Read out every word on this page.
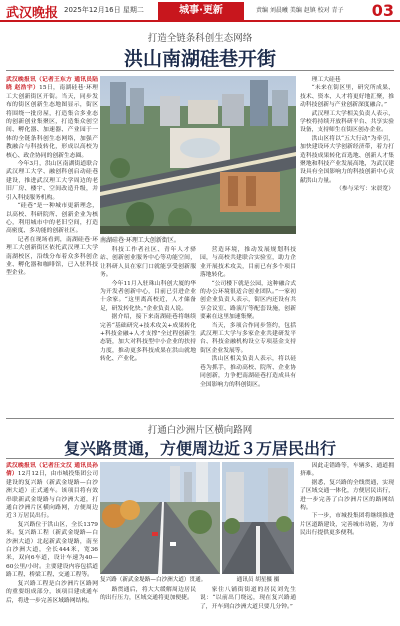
武汉晚报 2025年12月16日 星期二	城事·更新	责编 刘晨曦 美编 赵镇 校对 青子 03
打造全链条科创生态网络
洪山南湖硅巷开街
武汉晚报讯（记者王东方 通讯员陆晓 赵浩宇）15日，南湖硅巷·环理工大创新街区开街。当天，同步发布的街区创新生态地图显示，街区将围绕一批房屋，打造集合多业态的创新创业集聚区，打造集众创空间、孵化器、加速器、产业园于一体的全链条科创生态网络，加强产教融合与科技转化，形成以高校为核心、政企协同的创新生态圈。

今年3月，洪山区南湖街道联合武汉理工大学、融创科创启动硅巷建设，推进武汉理工大学周边的老旧厂房、楼宇、空间改造升级，并引入科技服务机构。

“硅巷”是一种城市更新理念，以高校、科研院所、创新企业为核心，利用城市中的老旧空间，打造高密度、多功能的创新社区。

记者在现场看到，南湖硅巷·环理工大创新街区依托武汉理工大学南湖校区，沿线分布着众多科创企业、孵化器和咖啡馆，已入驻科技型企业。

南湖硅巷·环理工大创新街区。

科技工作者社区、青年人才驿站、创新创业服务中心等功能空间，让科研人员在家门口就能享受创新服务。

今年11月入驻珠山科创大厦的华为开发者创新中心，目前已引进企业十余家。“这里离高校近，人才储备足，研发转化快。”企业负责人说。

据介绍，接下来南湖硅巷将继续完善“基础研究+技术攻关+成果转化+科技金融+人才支撑”全过程创新生态链，加大对科技型中小企业的扶持力度，推动更多科技成果在洪山就地转化、产业化。

营造环境，推动发展规划科技园，与高校共建联合实验室，助力企业开展技术攻关，目前已有多个项目落地转化。

“公司楼下就是公园，这种融合式的办公环境很适合创业团队。”一家初创企业负责人表示，街区内还设有共享会议室、路演厅等配套设施，创新要素在这里加速集聚。

当天，多项合作同步签约，包括武汉理工大学与多家企业共建研发平台、科技金融机构设立专项基金支持街区企业发展等。

洪山区相关负责人表示，将以硅巷为抓手，推动高校、院所、企业协同创新，力争把南湖硅巷打造成具有全国影响力的科创街区。

理工大硅巷

“未来在街区里，研究所成果、技术、资本、人才将更好地汇聚，推动科技创新与产业创新深度融合。”

武汉理工大学相关负责人表示，学校将持续开放科研平台、共享实验设备，支持师生在街区创办企业。

洪山区将以“五大行动”为牵引，加快建设环大学创新经济带，着力打造科技成果转化首选地、创新人才集聚地和科技产业发展高地，为武汉建设具有全国影响力的科技创新中心贡献洪山力量。

（参与采写：宋晨宽）

打通白沙洲片区横向路网
复兴路贯通，方便周边近３万居民出行
武汉晚报讯（记者汪文汉 通讯员孙倩）12月12日，由市城投集团公司建设的复兴路（新武金堤路—白沙洲大道）正式通车。该项目将有效串联新武金堤路与白沙洲大道，打通白沙洲片区横向路网，方便周边近３万居民出行。

复兴路位于洪山区，全长1379米。复兴路工程（新武金堤路—白沙洲大道）北起新武金堤路，南至白沙洲大道，全长444米，宽36米，双向6车道，设计车速为40—60公里/小时。主要建设内容包括道路工程、桥梁工程、交通工程等。

复兴路工程是白沙洲片区路网的重要组成部分，该项目建成通车后，将进一步完善区域路网结构。

复兴路（新武金堤路—白沙洲大道）贯通。	通讯员 胡星摄 摄

路贯通后，将大大缓解周边居民的出行压力，区域交通将更加便捷。

家住八铺街街道的居民刘先生说：“以前出门绕远，现在复兴路通了，开车到白沙洲大道只要几分钟。”

因此走错路等，车辆多、通道拥挤难。

据悉，复兴路的全线贯通，实现了区域交通一体化，方便居民出行，进一步完善了白沙洲片区的路网结构。

下一步，市城投集团将继续推进片区道路建设，完善城市功能，为市民出行提供更多便利。
